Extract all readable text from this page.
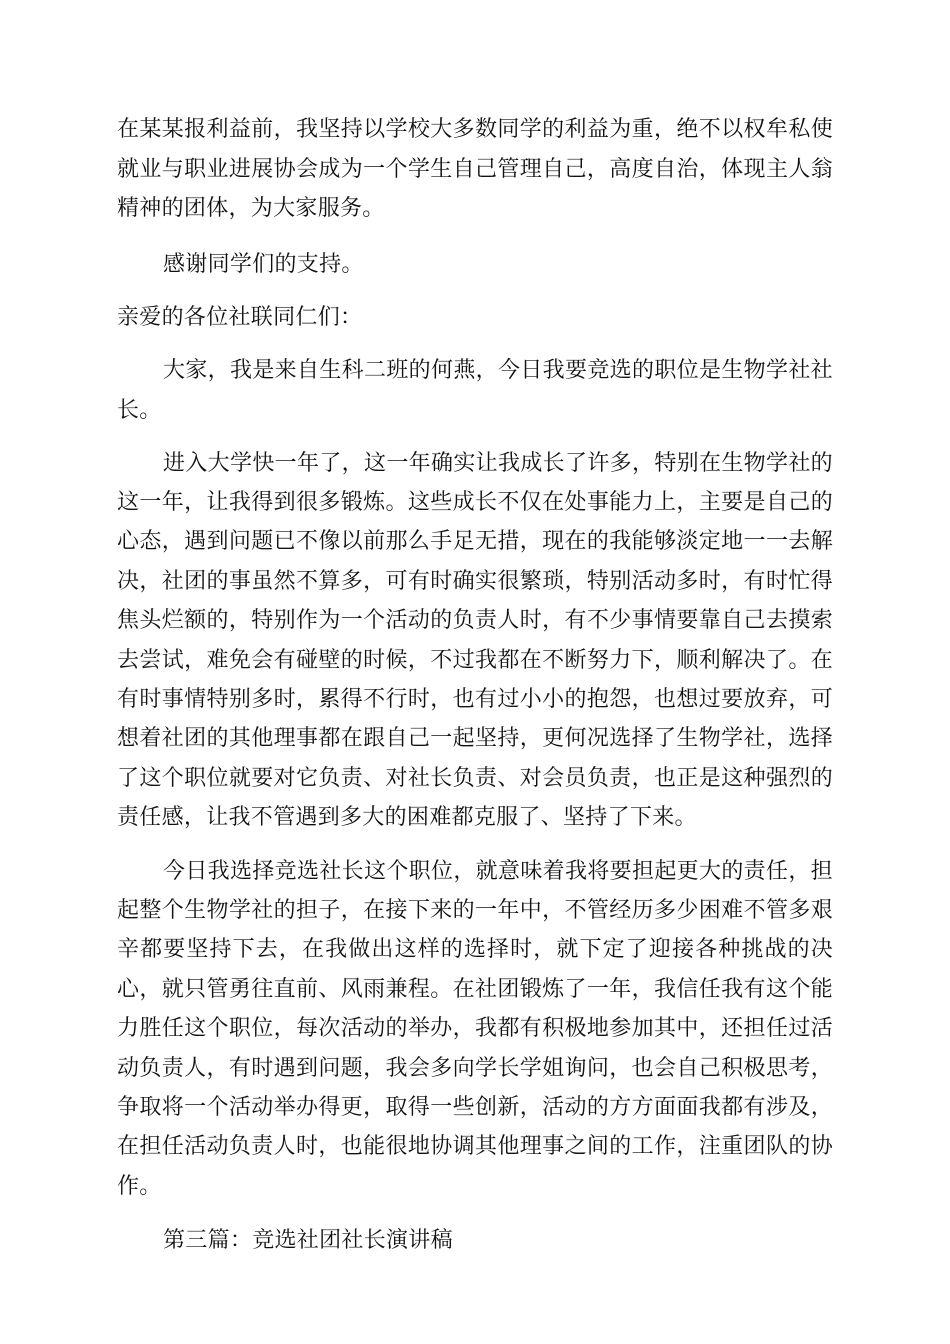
在某某报利益前，我坚持以学校大多数同学的利益为重，绝不以权牟私使
就业与职业进展协会成为一个学生自己管理自己，高度自治，体现主人翁
精神的团体，为大家服务。
感谢同学们的支持。
亲爱的各位社联同仁们：
大家，我是来自生科二班的何燕，今日我要竞选的职位是生物学社社
长。
进入大学快一年了，这一年确实让我成长了许多，特别在生物学社的
这一年，让我得到很多锻炼。这些成长不仅在处事能力上，主要是自己的
心态，遇到问题已不像以前那么手足无措，现在的我能够淡定地一一去解
决，社团的事虽然不算多，可有时确实很繁琐，特别活动多时，有时忙得
焦头烂额的，特别作为一个活动的负责人时，有不少事情要靠自己去摸索
去尝试，难免会有碰壁的时候，不过我都在不断努力下，顺利解决了。在
有时事情特别多时，累得不行时，也有过小小的抱怨，也想过要放弃，可
想着社团的其他理事都在跟自己一起坚持，更何况选择了生物学社，选择
了这个职位就要对它负责、对社长负责、对会员负责，也正是这种强烈的
责任感，让我不管遇到多大的困难都克服了、坚持了下来。
今日我选择竞选社长这个职位，就意味着我将要担起更大的责任，担
起整个生物学社的担子，在接下来的一年中，不管经历多少困难不管多艰
辛都要坚持下去，在我做出这样的选择时，就下定了迎接各种挑战的决
心，就只管勇往直前、风雨兼程。在社团锻炼了一年，我信任我有这个能
力胜任这个职位，每次活动的举办，我都有积极地参加其中，还担任过活
动负责人，有时遇到问题，我会多向学长学姐询问，也会自己积极思考，
争取将一个活动举办得更，取得一些创新，活动的方方面面我都有涉及，
在担任活动负责人时，也能很地协调其他理事之间的工作，注重团队的协
作。
第三篇：竞选社团社长演讲稿
